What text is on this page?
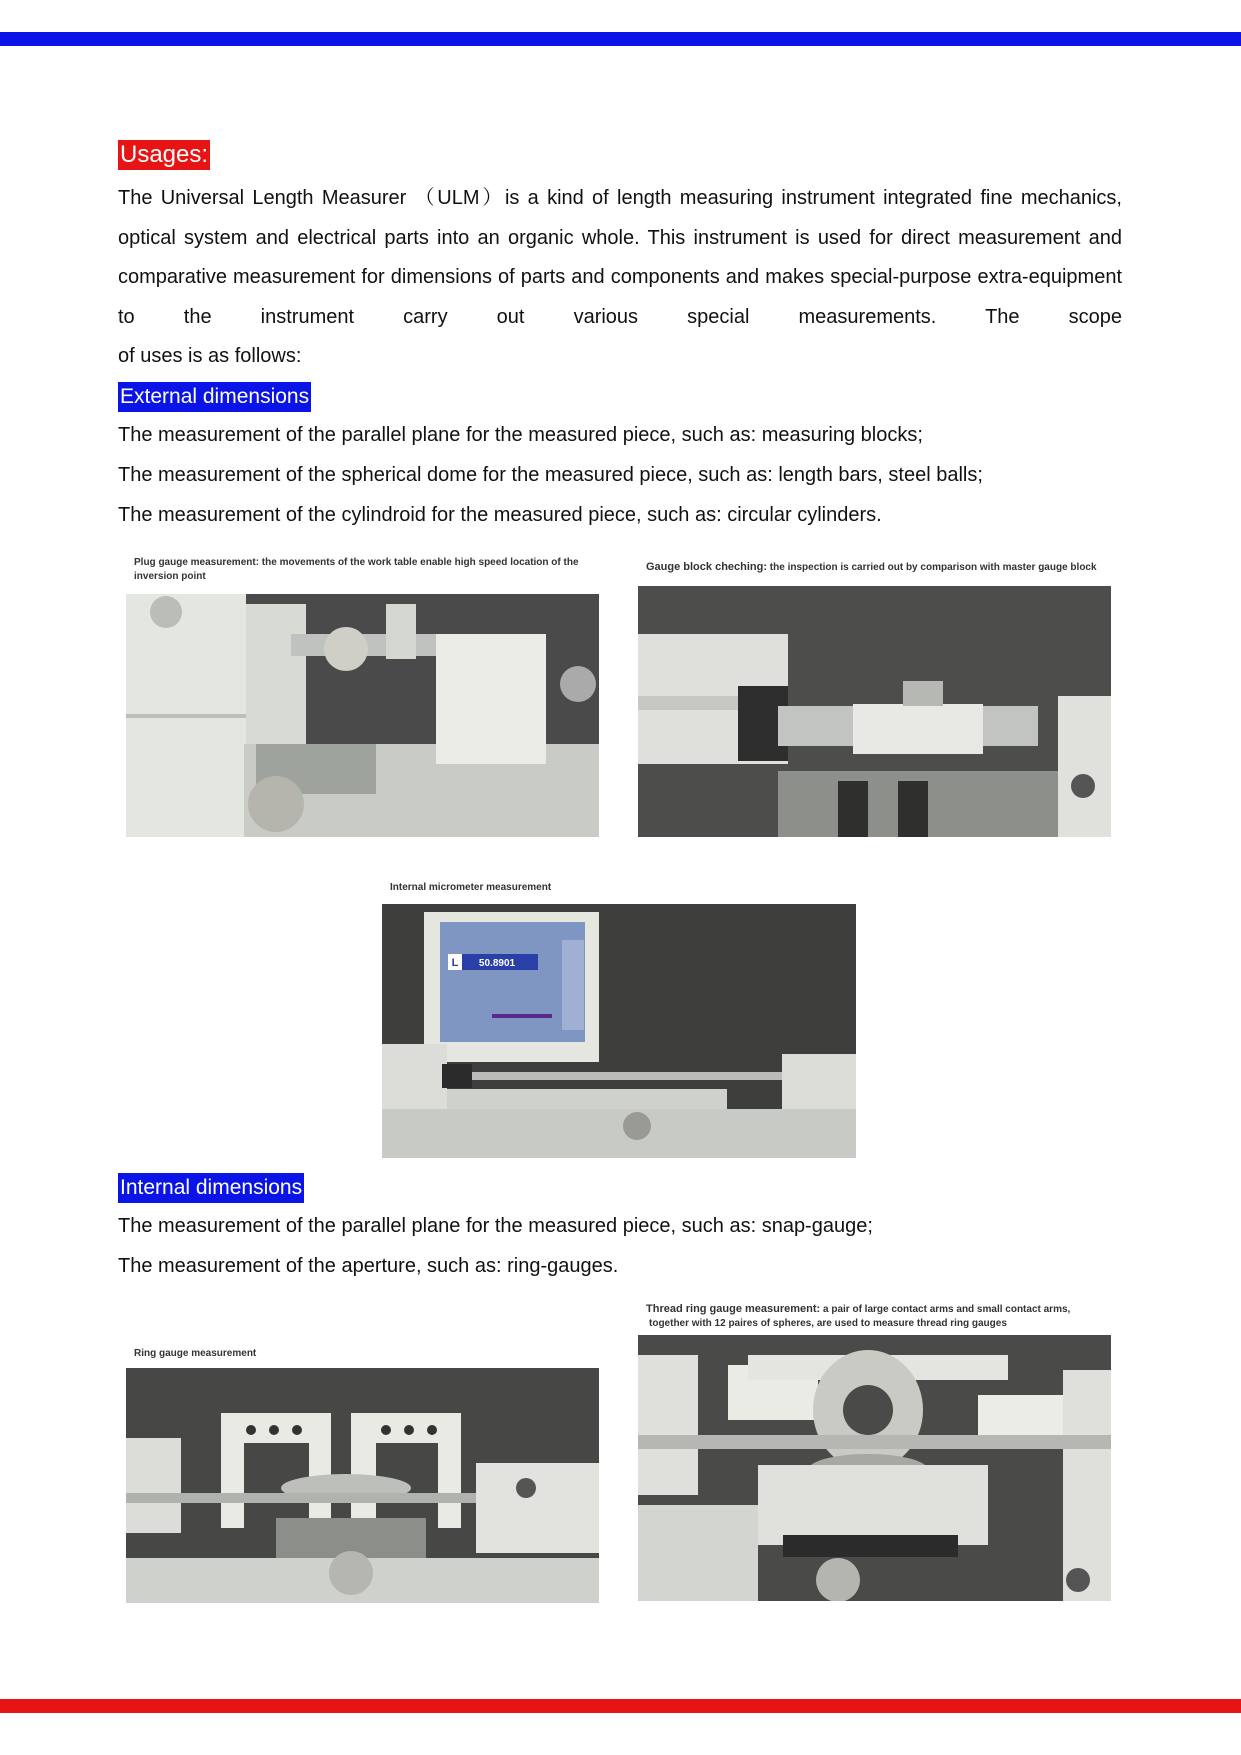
Usages:

The Universal Length Measurer （ULM）is a kind of length measuring instrument integrated fine mechanics, optical system and electrical parts into an organic whole. This instrument is used for direct measurement and comparative measurement for dimensions of parts and components and makes special-purpose extra-equipment to the instrument carry out various special measurements. The scope
of uses is as follows:

External dimensions

The measurement of the parallel plane for the measured piece, such as: measuring blocks;

The measurement of the spherical dome for the measured piece, such as: length bars, steel balls;

The measurement of the cylindroid for the measured piece, such as: circular cylinders.

Plug gauge measurement: the movements of the work table enable high speed location of the
inversion point
Gauge block cheching: the inspection is carried out by comparison with master gauge block
Internal micrometer measurement
L 50.8901
Internal dimensions

The measurement of the parallel plane for the measured piece, such as: snap-gauge;

The measurement of the aperture, such as: ring-gauges.

Ring gauge measurement
Thread ring gauge measurement: a pair of large contact arms and small contact arms,
together with 12 paires of spheres, are used to measure thread ring gauges
